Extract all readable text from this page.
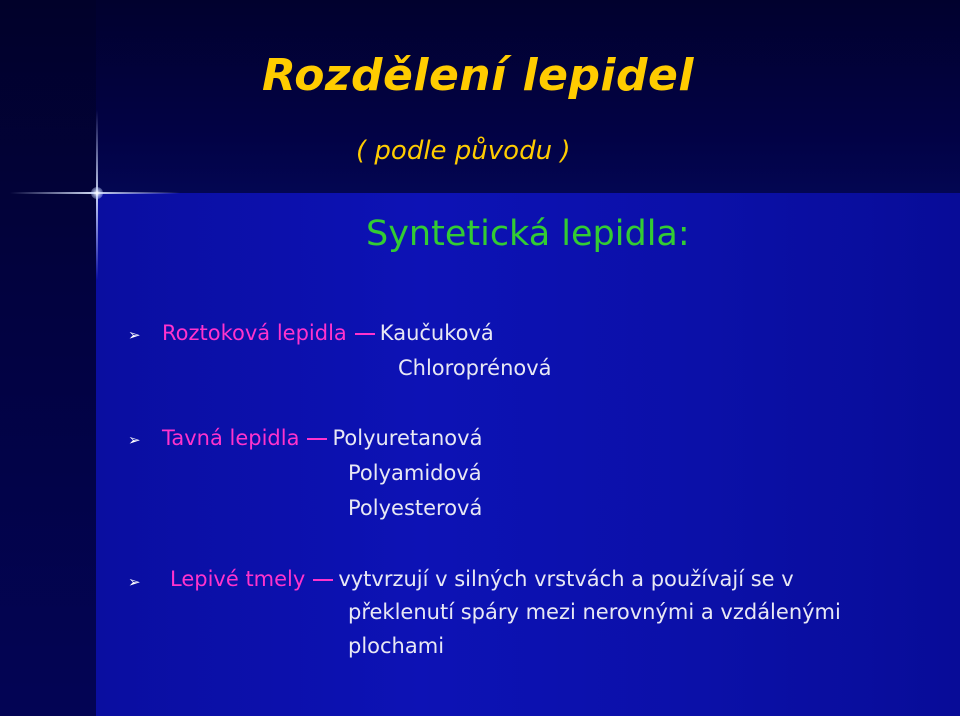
Rozdělení lepidel
( podle původu )
Syntetická lepidla:
➢ Roztoková lepidla Kaučuková
Chloroprénová
➢ Tavná lepidla Polyuretanová
Polyamidová
Polyesterová
➢ Lepivé tmely vytvrzují v silných vrstvách a používají se v
překlenutí spáry mezi nerovnými a vzdálenými
plochami
